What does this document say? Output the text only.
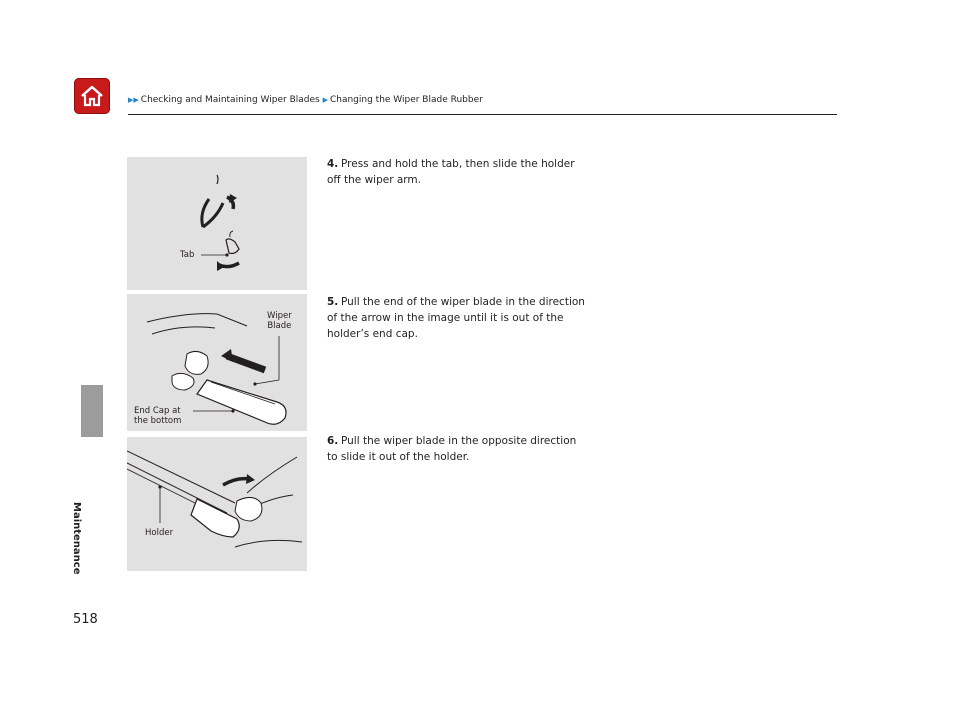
▶▶ Checking and Maintaining Wiper Blades ▶ Changing the Wiper Blade Rubber
Maintenance
518
Tab
Wiper
Blade
End Cap at
the bottom
Holder
4. Press and hold the tab, then slide the holder off the wiper arm.
5. Pull the end of the wiper blade in the direction of the arrow in the image until it is out of the holder’s end cap.
6. Pull the wiper blade in the opposite direction to slide it out of the holder.
